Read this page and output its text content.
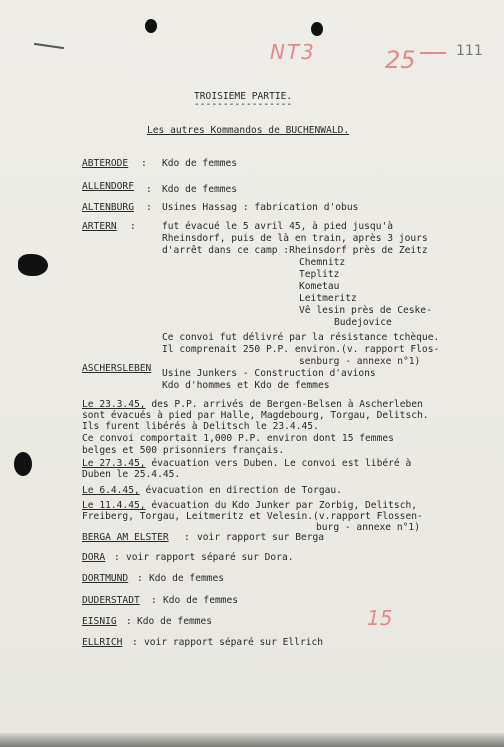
NT3	25	111
15
TROISIEME PARTIE.
-----------------
Les autres Kommandos de BUCHENWALD.
ABTERODE : Kdo de femmes
ALLENDORF : Kdo de femmes
ALTENBURG : Usines Hassag : fabrication d'obus
ARTERN :	fut évacué le 5 avril 45, à pied jusqu'à
Rheinsdorf, puis de là en train, après 3 jours
d'arrêt dans ce camp :Rheinsdorf près de Zeitz
Chemnitz
Teplitz
Kometau
Leitmeritz
Vê lesin près de Ceske-
Budejovice
Ce convoi fut délivré par la résistance tchèque.
Il comprenait 250 P.P. environ.(v. rapport Flos-
senburg - annexe n°1)
ASCHERSLEBEN Usine Junkers - Construction d'avions
Kdo d'hommes et Kdo de femmes
Le 23.3.45, des P.P. arrivés de Bergen-Belsen à Ascherleben
sont évacués à pied par Halle, Magdebourg, Torgau, Delitsch.
Ils furent libérés à Delitsch le 23.4.45.
Ce convoi comportait 1,000 P.P. environ dont 15 femmes
belges et 500 prisonniers français.
Le 27.3.45, évacuation vers Duben. Le convoi est libéré à
Duben le 25.4.45.
Le 6.4.45, évacuation en direction de Torgau.
Le 11.4.45, évacuation du Kdo Junker par Zorbig, Delitsch,
Freiberg, Torgau, Leitmeritz et Velesin.(v.rapport Flossen-
burg - annexe n°1)
BERGA AM ELSTER : voir rapport sur Berga
DORA : voir rapport séparé sur Dora.
DORTMUND : Kdo de femmes
DUDERSTADT : Kdo de femmes
EISNIG : Kdo de femmes
ELLRICH : voir rapport séparé sur Ellrich
